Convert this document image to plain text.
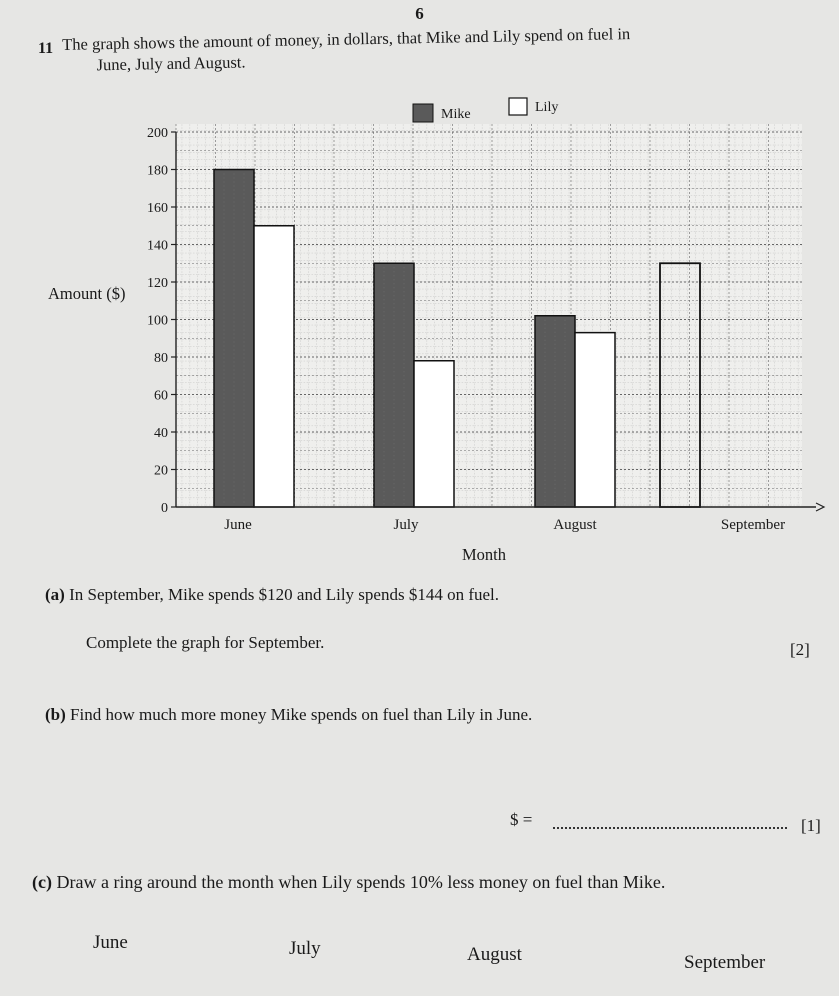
6
11 The graph shows the amount of money, in dollars, that Mike and Lily spend on fuel in
June, July and August.
0
20
40
60
80
100
120
140
160
180
200
June	July	August	September
Mike	Lily
Amount ($)
Month
(a) In September, Mike spends $120 and Lily spends $144 on fuel.
Complete the graph for September.	[2]
(b) Find how much more money Mike spends on fuel than Lily in June.
$ =	[1]
(c) Draw a ring around the month when Lily spends 10% less money on fuel than Mike.
June	July	August	September
